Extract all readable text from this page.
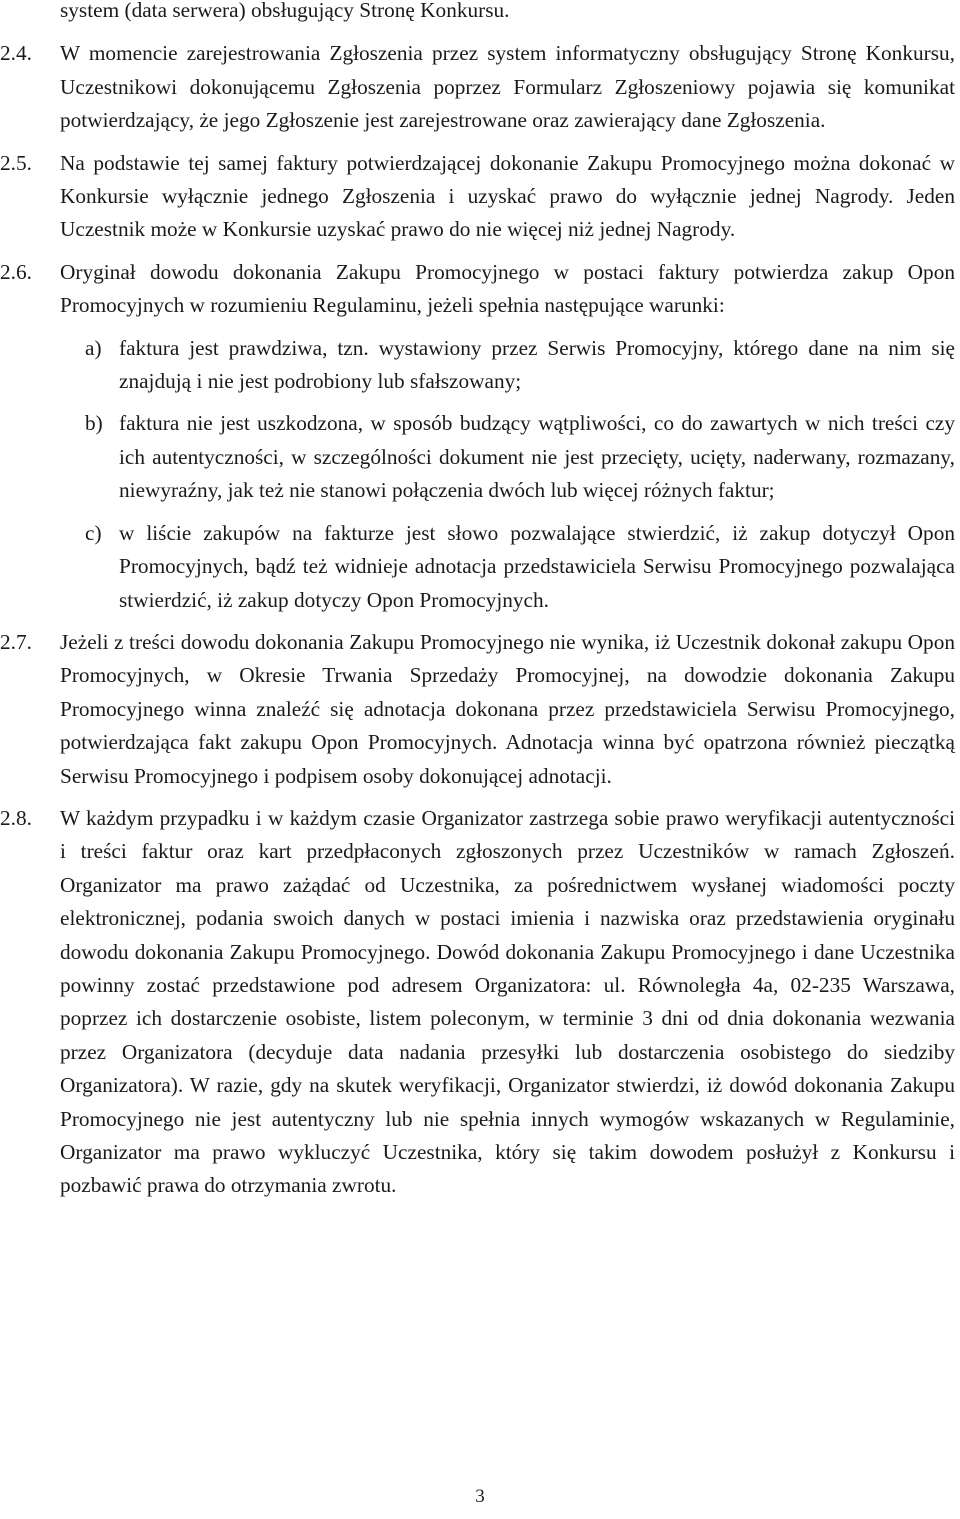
system (data serwera) obsługujący Stronę Konkursu.
2.4.	W momencie zarejestrowania Zgłoszenia przez system informatyczny obsługujący Stronę Konkursu, Uczestnikowi dokonującemu Zgłoszenia poprzez Formularz Zgłoszeniowy pojawia się komunikat potwierdzający, że jego Zgłoszenie jest zarejestrowane oraz zawierający dane Zgłoszenia.
2.5.	Na podstawie tej samej faktury potwierdzającej dokonanie Zakupu Promocyjnego można dokonać w Konkursie wyłącznie jednego Zgłoszenia i uzyskać prawo do wyłącznie jednej Nagrody. Jeden Uczestnik może w Konkursie uzyskać prawo do nie więcej niż jednej Nagrody.
2.6.	Oryginał dowodu dokonania Zakupu Promocyjnego w postaci faktury potwierdza zakup Opon Promocyjnych w rozumieniu Regulaminu, jeżeli spełnia następujące warunki:
a) faktura jest prawdziwa, tzn. wystawiony przez Serwis Promocyjny, którego dane na nim się znajdują i nie jest podrobiony lub sfałszowany;
b) faktura nie jest uszkodzona, w sposób budzący wątpliwości, co do zawartych w nich treści czy ich autentyczności, w szczególności dokument nie jest przecięty, ucięty, naderwany, rozmazany, niewyraźny, jak też nie stanowi połączenia dwóch lub więcej różnych faktur;
c) w liście zakupów na fakturze jest słowo pozwalające stwierdzić, iż zakup dotyczył Opon Promocyjnych, bądź też widnieje adnotacja przedstawiciela Serwisu Promocyjnego pozwalająca stwierdzić, iż zakup dotyczy Opon Promocyjnych.
2.7.	Jeżeli z treści dowodu dokonania Zakupu Promocyjnego nie wynika, iż Uczestnik dokonał zakupu Opon Promocyjnych, w Okresie Trwania Sprzedaży Promocyjnej, na dowodzie dokonania Zakupu Promocyjnego winna znaleźć się adnotacja dokonana przez przedstawiciela Serwisu Promocyjnego, potwierdzająca fakt zakupu Opon Promocyjnych. Adnotacja winna być opatrzona również pieczątką Serwisu Promocyjnego i podpisem osoby dokonującej adnotacji.
2.8.	W każdym przypadku i w każdym czasie Organizator zastrzega sobie prawo weryfikacji autentyczności i treści faktur oraz kart przedpłaconych zgłoszonych przez Uczestników w ramach Zgłoszeń. Organizator ma prawo zażądać od Uczestnika, za pośrednictwem wysłanej wiadomości poczty elektronicznej, podania swoich danych w postaci imienia i nazwiska oraz przedstawienia oryginału dowodu dokonania Zakupu Promocyjnego. Dowód dokonania Zakupu Promocyjnego i dane Uczestnika powinny zostać przedstawione pod adresem Organizatora: ul. Równoległa 4a, 02-235 Warszawa, poprzez ich dostarczenie osobiste, listem poleconym, w terminie 3 dni od dnia dokonania wezwania przez Organizatora (decyduje data nadania przesyłki lub dostarczenia osobistego do siedziby Organizatora). W razie, gdy na skutek weryfikacji, Organizator stwierdzi, iż dowód dokonania Zakupu Promocyjnego nie jest autentyczny lub nie spełnia innych wymogów wskazanych w Regulaminie, Organizator ma prawo wykluczyć Uczestnika, który się takim dowodem posłużył z Konkursu i pozbawić prawa do otrzymania zwrotu.
3
